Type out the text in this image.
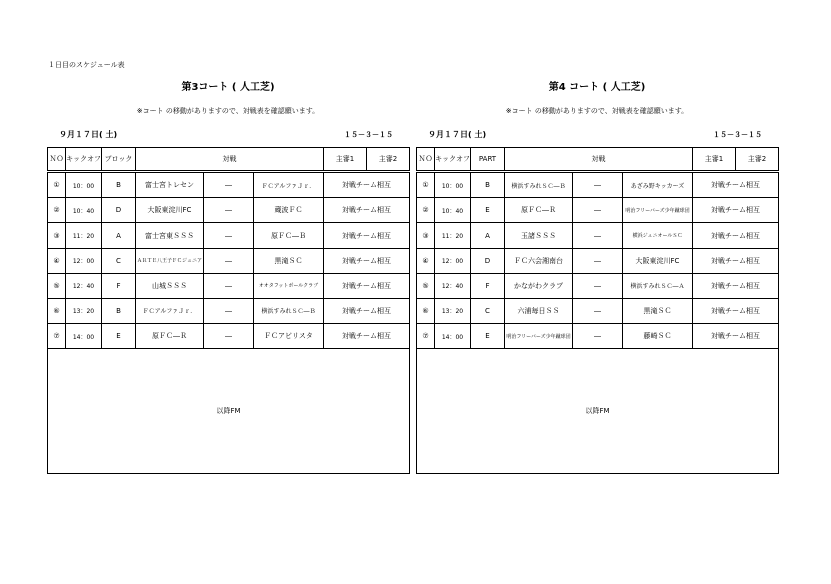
１日目のスケジュール表
第3コート ( 人工芝)
※コート の移動がありますので、対戦表を確認願います。
９月１７日( 土)	１５－３－１５
ＮＯ	キックオフ	ブロック	対戦			主審1	主審2
①	10：00	B	富士宮トレセン	―	ＦＣアルファＪｒ．	対戦チーム相互	
②	10：40	D	大阪東淀川FC	―	蔵波ＦＣ	対戦チーム相互	
③	11：20	A	富士宮東ＳＳＳ	―	原ＦＣ―Ｂ	対戦チーム相互	
④	12：00	C	ＡＲＴＥ八王子ＦＣジュニア	―	黒滝ＳＣ	対戦チーム相互	
⑤	12：40	F	山城ＳＳＳ	―	オオタフットボールクラブ	対戦チーム相互	
⑥	13：20	B	ＦＣアルファＪｒ．	―	横浜すみれＳＣ―Ｂ	対戦チーム相互	
⑦	14：00	E	原ＦＣ―Ｒ	―	ＦＣアビリスタ	対戦チーム相互	
以降FM							
第4 コート ( 人工芝)
※コート の移動がありますので、対戦表を確認願います。
９月１７日( 土)	１５－３－１５
ＮＯ	キックオフ	PART	対戦			主審1	主審2
①	10：00	B	横浜すみれＳＣ―Ｂ	―	あざみ野キッカーズ	対戦チーム相互	
②	10：40	E	原ＦＣ―Ｒ	―	明治フリーバーズ少年蹴球団	対戦チーム相互	
③	11：20	A	玉諸ＳＳＳ	―	横浜ジュニオールＳＣ	対戦チーム相互	
④	12：00	D	ＦＣ六会湘南台	―	大阪東淀川FC	対戦チーム相互	
⑤	12：40	F	かながわクラブ	―	横浜すみれＳＣ―Ａ	対戦チーム相互	
⑥	13：20	C	六浦毎日ＳＳ	―	黒滝ＳＣ	対戦チーム相互	
⑦	14：00	E	明治フリーバーズ少年蹴球団	―	藤崎ＳＣ	対戦チーム相互	
以降FM							
